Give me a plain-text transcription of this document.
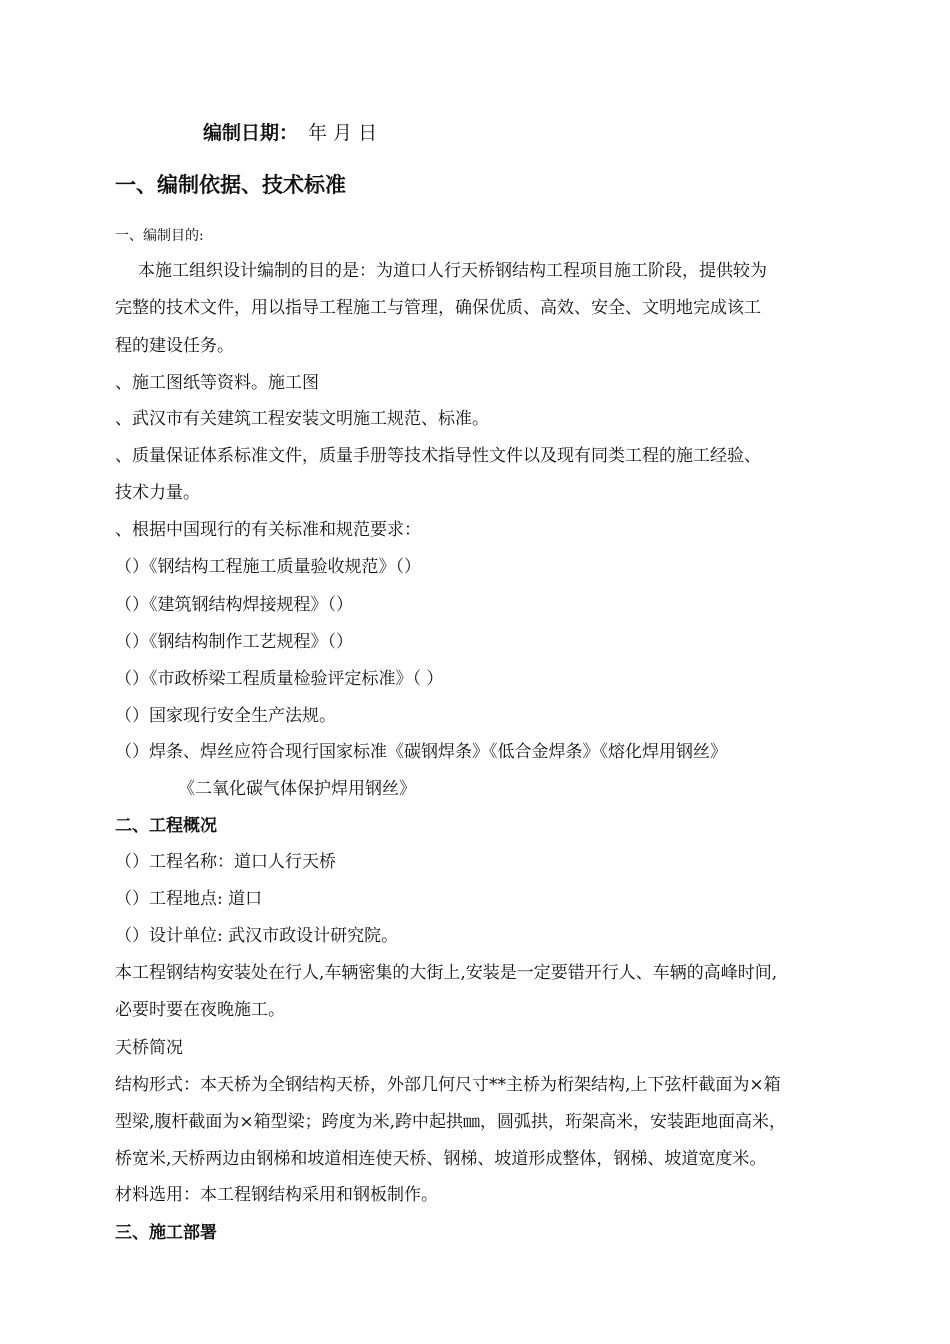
编制日期： 年 月 日
一、编制依据、技术标准
一、编制目的:
本施工组织设计编制的目的是：为道口人行天桥钢结构工程项目施工阶段，提供较为
完整的技术文件，用以指导工程施工与管理，确保优质、高效、安全、文明地完成该工
程的建设任务。
、施工图纸等资料。施工图
、武汉市有关建筑工程安装文明施工规范、标准。
、质量保证体系标准文件，质量手册等技术指导性文件以及现有同类工程的施工经验、
技术力量。
、根据中国现行的有关标准和规范要求：
（）《钢结构工程施工质量验收规范》（）
（）《建筑钢结构焊接规程》（）
（）《钢结构制作工艺规程》（）
（）《市政桥梁工程质量检验评定标准》（ ）
（）国家现行安全生产法规。
（）焊条、焊丝应符合现行国家标准《碳钢焊条》《低合金焊条》《熔化焊用钢丝》
《二氧化碳气体保护焊用钢丝》
二、工程概况
（）工程名称：道口人行天桥
（）工程地点: 道口
（）设计单位: 武汉市政设计研究院。
本工程钢结构安装处在行人,车辆密集的大街上,安装是一定要错开行人、车辆的高峰时间,
必要时要在夜晚施工。
天桥简况
结构形式：本天桥为全钢结构天桥，外部几何尺寸**主桥为桁架结构,上下弦杆截面为×箱
型梁,腹杆截面为×箱型梁；跨度为米,跨中起拱㎜，圆弧拱，珩架高米，安装距地面高米，
桥宽米,天桥两边由钢梯和坡道相连使天桥、钢梯、坡道形成整体，钢梯、坡道宽度米。
材料选用：本工程钢结构采用和钢板制作。
三、施工部署
